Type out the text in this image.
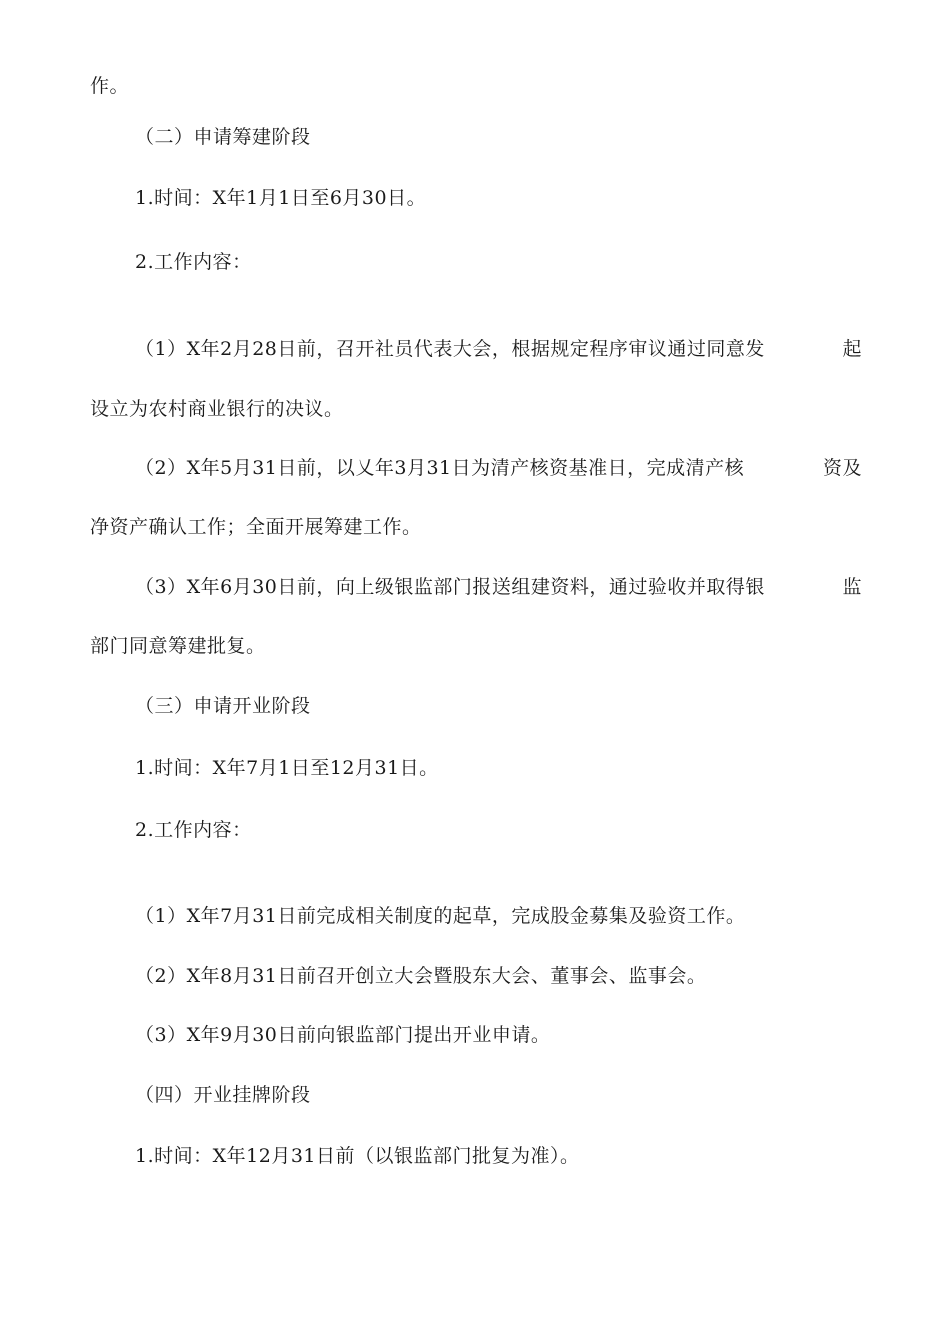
作。
（二）申请筹建阶段
1.时间：X年1月1日至6月30日。
2.工作内容：
（1）X年2月28日前，召开社员代表大会，根据规定程序审议通过同意发	起
设立为农村商业银行的决议。
（2）X年5月31日前，以乂年3月31日为清产核资基准日，完成清产核	资及
净资产确认工作；全面开展筹建工作。
（3）X年6月30日前，向上级银监部门报送组建资料，通过验收并取得银	监
部门同意筹建批复。
（三）申请开业阶段
1.时间：X年7月1日至12月31日。
2.工作内容：
（1）X年7月31日前完成相关制度的起草，完成股金募集及验资工作。
（2）X年8月31日前召开创立大会暨股东大会、董事会、监事会。
（3）X年9月30日前向银监部门提出开业申请。
（四）开业挂牌阶段
1.时间：X年12月31日前（以银监部门批复为准）。
